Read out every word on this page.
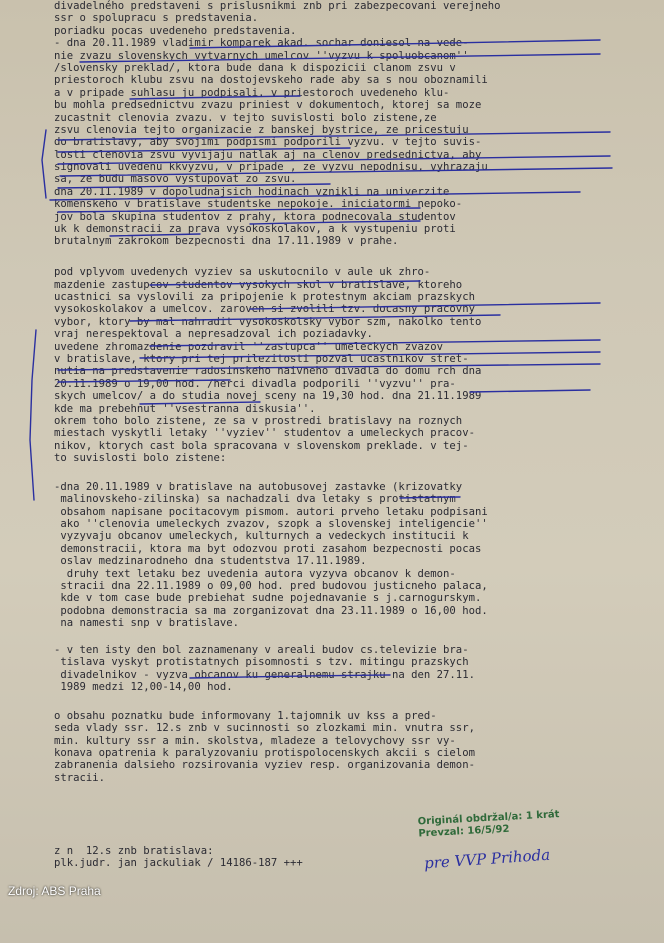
divadelného predstaveni s prislusnikmi znb pri zabezpecovani verejneho
ssr o spolupracu s predstavenia.
poriadku pocas uvedeneho predstavenia.
- dna 20.11.1989 vladimir komparek akad. sochar doniesol na vede-
nie zvazu slovenskych vytvarnych umelcov ''vyzvu k spoluobcanom''
/slovensky preklad/, ktora bude dana k dispozicii clanom zsvu v
priestoroch klubu zsvu na dostojevskeho rade aby sa s nou oboznamili
a v pripade suhlasu ju podpisali. v priestoroch uvedeneho klu-
bu mohla predsednictvu zvazu priniest v dokumentoch, ktorej sa moze
zucastnit clenovia zvazu. v tejto suvislosti bolo zistene,ze
zsvu clenovia tejto organizacie z banskej bystrice, ze pricestuju
do bratislavy, aby svojimi podpismi podporili vyzvu. v tejto suvis-
losti clenovia zsvu vyvijaju natlak aj na clenov predsednictva, aby
signovali uvedenu kkvyzvu, v pripade , ze vyzvu nepodnisu, vyhrazaju
sa, ze budu masovo vystupovat zo zsvu.
dna 20.11.1989 v dopoludnajsich hodinach vznikli na univerzite
komenskeho v bratislave studentske nepokoje. iniciatormi nepoko-
jov bola skupina studentov z prahy, ktora podnecovala studentov
uk k demonstracii za prava vysokoskolakov, a k vystupeniu proti
brutalnym zakrokom bezpecnosti dna 17.11.1989 v prahe.
pod vplyvom uvedenych vyziev sa uskutocnilo v aule uk zhro-
mazdenie zastupcov studentov vysokych skol v bratislave, ktoreho
ucastnici sa vyslovili za pripojenie k protestnym akciam prazskych
vysokoskolakov a umelcov. zaroven si zvolili tzv. docasny pracovny
vybor, ktory by mal nahradit vysokoskolsky vybor szm, nakolko tento
vraj nerespektoval a nepresadzoval ich poziadavky.
uvedene zhromazdenie pozdravil ''zastupca'' umeleckych zvazov
v bratislave, ktory pri tej prilezitosti pozval ucastnikov stret-
nutia na predstavenie radosinskeho naivneho divadla do domu rch dna
20.11.1989 o 19,00 hod. /herci divadla podporili ''vyzvu'' pra-
skych umelcov/ a do studia novej sceny na 19,30 hod. dna 21.11.1989
kde ma prebehnut ''vsestranna diskusia''.
okrem toho bolo zistene, ze sa v prostredi bratislavy na roznych
miestach vyskytli letaky ''vyziev'' studentov a umeleckych pracov-
nikov, ktorych cast bola spracovana v slovenskom preklade. v tej-
to suvislosti bolo zistene:
-dna 20.11.1989 v bratislave na autobusovej zastavke (krizovatky
malinovskeho-zilinska) sa nachadzali dva letaky s protistatnym
obsahom napisane pocitacovym pismom. autori prveho letaku podpisani
ako ''clenovia umeleckych zvazov, szopk a slovenskej inteligencie''
vyzyvaju obcanov umeleckych, kulturnych a vedeckych institucii k
demonstracii, ktora ma byt odozvou proti zasahom bezpecnosti pocas
oslav medzinarodneho dna studentstva 17.11.1989.
druhy text letaku bez uvedenia autora vyzyva obcanov k demon-
stracii dna 22.11.1989 o 09,00 hod. pred budovou justicneho palaca,
kde v tom case bude prebiehat sudne pojednavanie s j.carnogurskym.
podobna demonstracia sa ma zorganizovat dna 23.11.1989 o 16,00 hod.
na namesti snp v bratislave.
- v ten isty den bol zaznamenany v areali budov cs.televizie bra-
tislava vyskyt protistatnych pisomnosti s tzv. mitingu prazskych
divadelnikov - vyzva obcanov ku generalnemu strajku na den 27.11.
1989 medzi 12,00-14,00 hod.
o obsahu poznatku bude informovany 1.tajomnik uv kss a pred-
seda vlady ssr. 12.s znb v sucinnosti so zlozkami min. vnutra ssr,
min. kultury ssr a min. skolstva, mladeze a telovychovy ssr vy-
konava opatrenia k paralyzovaniu protispolocenskych akcii s cielom
zabranenia dalsieho rozsirovania vyziev resp. organizovania demon-
stracii.
Originál obdržal/a: 1 krát
Prevzal: 16/5/92
pre VVP Prihoda
z n  12.s znb bratislava:
plk.judr. jan jackuliak / 14186-187 +++
Zdroj: ABS Praha
